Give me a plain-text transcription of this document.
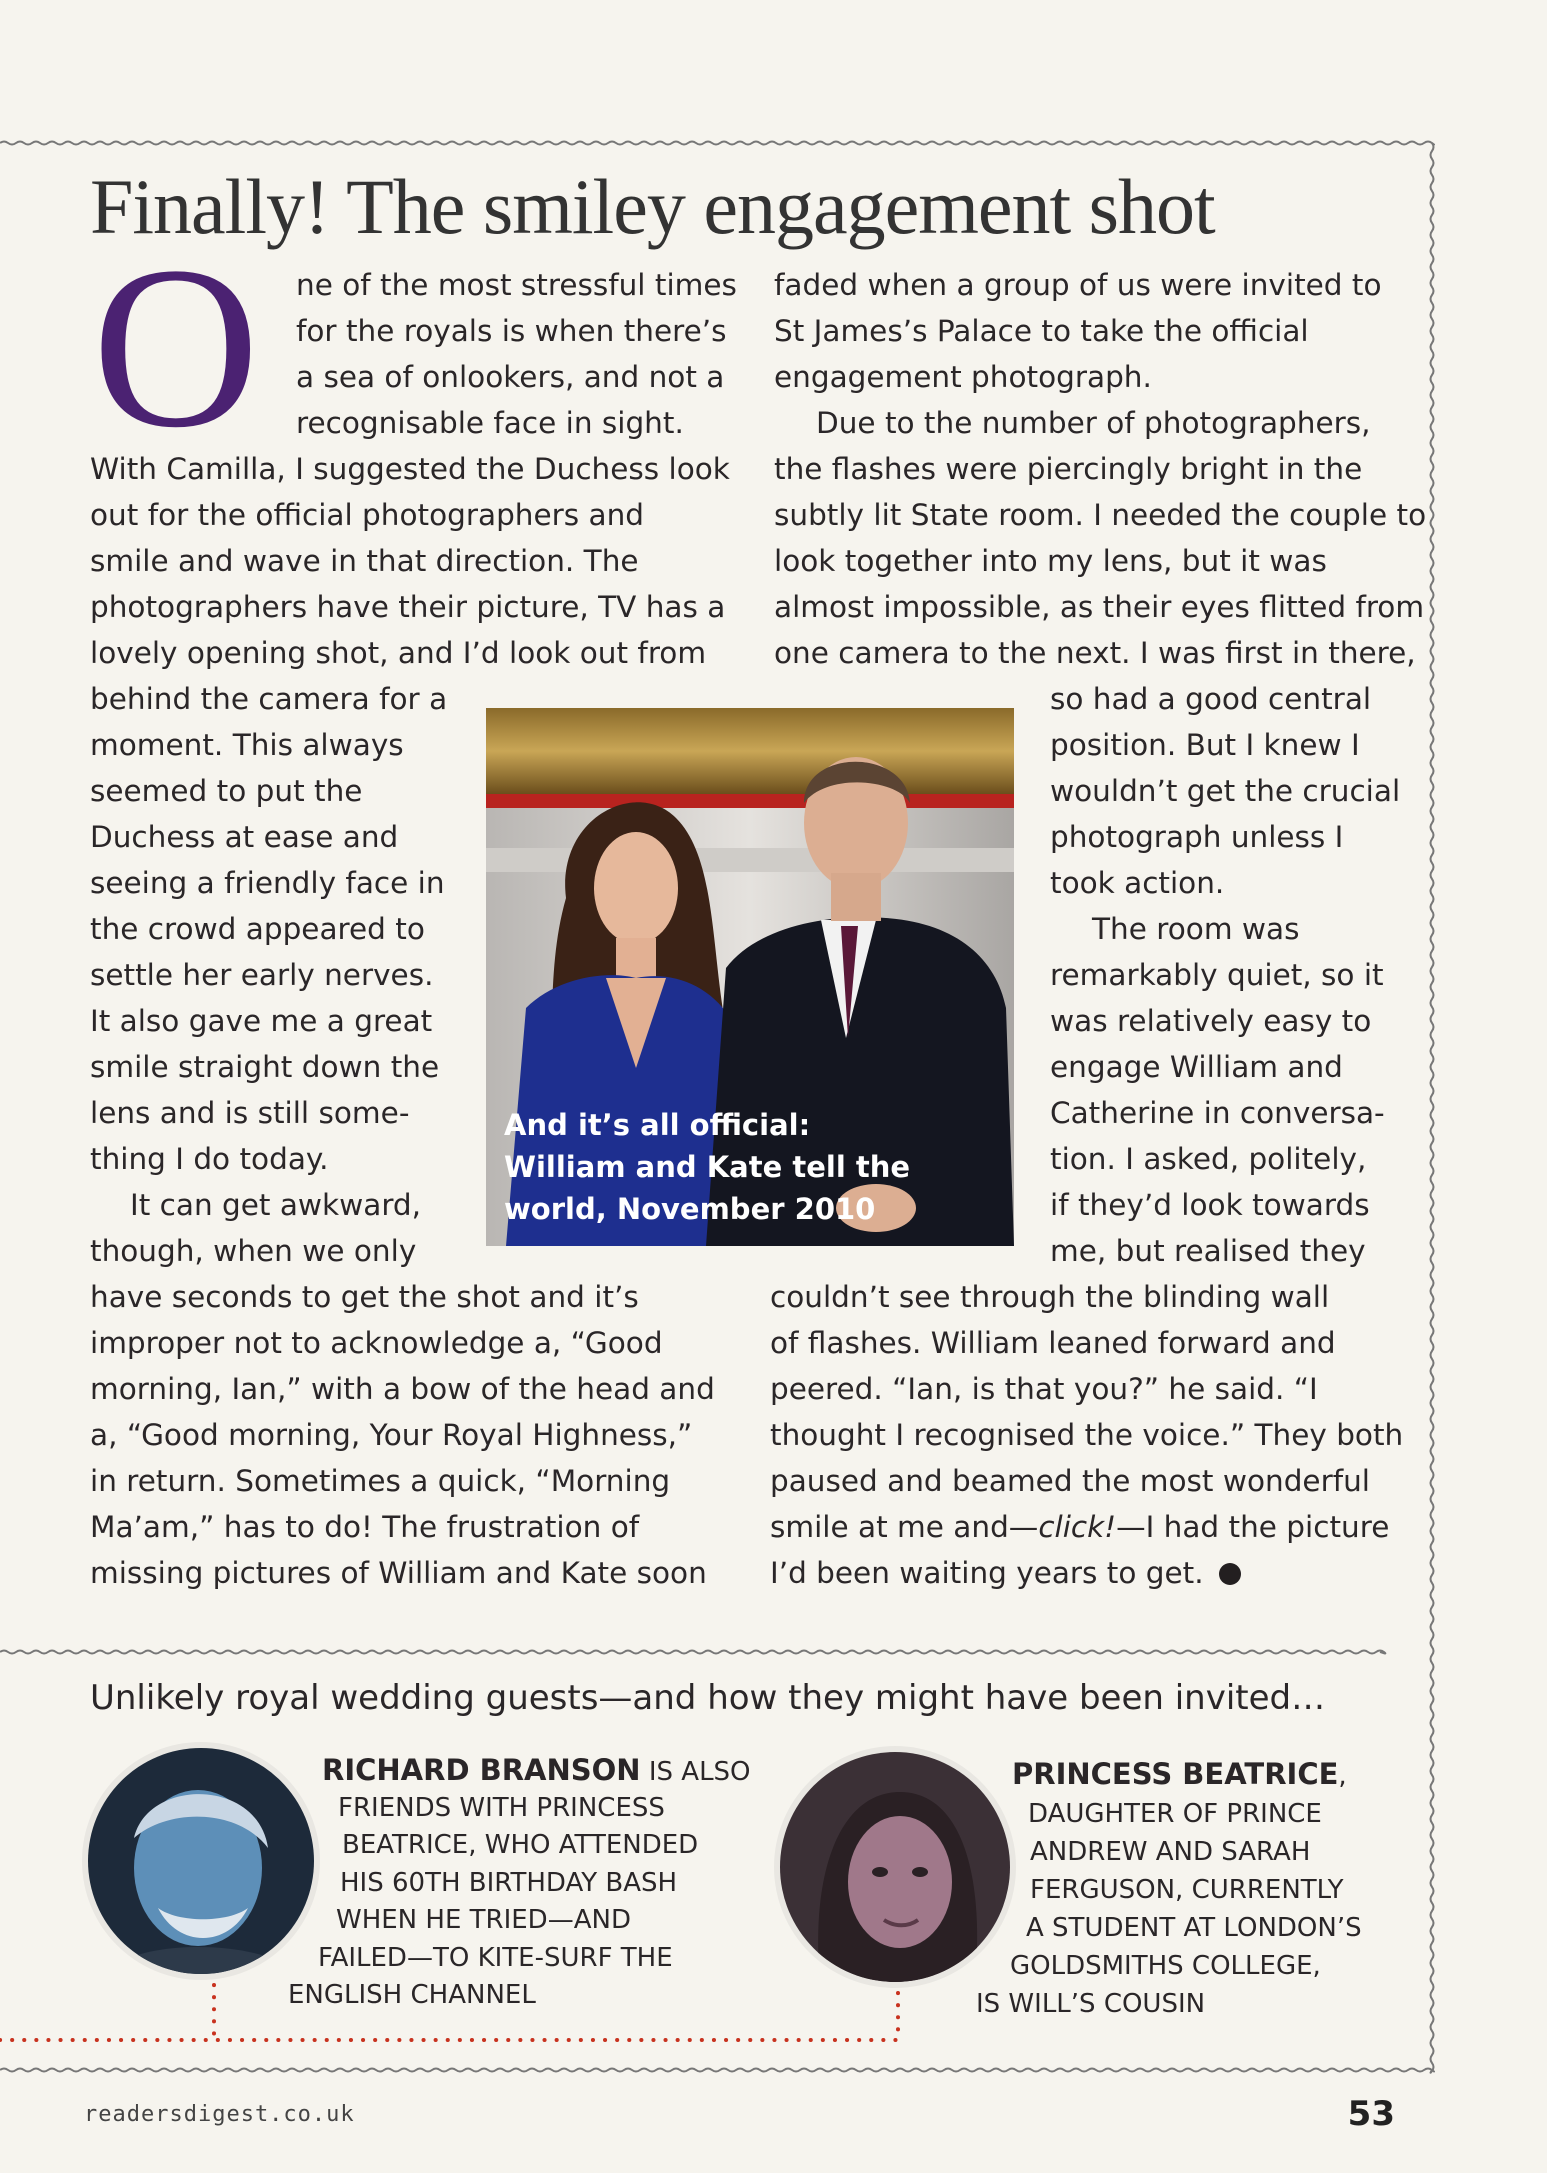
Finally! The smiley engagement shot
O ne of the most stressful times
for the royals is when there’s
a sea of onlookers, and not a
recognisable face in sight.
With Camilla, I suggested the Duchess look
out for the official photographers and
smile and wave in that direction. The
photographers have their picture, TV has a
lovely opening shot, and I’d look out from
behind the camera for a
moment. This always
seemed to put the
Duchess at ease and
seeing a friendly face in
the crowd appeared to
settle her early nerves.
It also gave me a great
smile straight down the
lens and is still some-
thing I do today.
It can get awkward,
though, when we only
have seconds to get the shot and it’s
improper not to acknowledge a, “Good
morning, Ian,” with a bow of the head and
a, “Good morning, Your Royal Highness,”
in return. Sometimes a quick, “Morning
Ma’am,” has to do! The frustration of
missing pictures of William and Kate soon
faded when a group of us were invited to
St James’s Palace to take the official
engagement photograph.
Due to the number of photographers,
the flashes were piercingly bright in the
subtly lit State room. I needed the couple to
look together into my lens, but it was
almost impossible, as their eyes flitted from
one camera to the next. I was first in there,
so had a good central
position. But I knew I
wouldn’t get the crucial
photograph unless I
took action.
The room was
remarkably quiet, so it
was relatively easy to
engage William and
Catherine in conversa-
tion. I asked, politely,
if they’d look towards
me, but realised they
couldn’t see through the blinding wall
of flashes. William leaned forward and
peered. “Ian, is that you?” he said. “I
thought I recognised the voice.” They both
paused and beamed the most wonderful
smile at me and—click!—I had the picture
I’d been waiting years to get.
And it’s all official:
William and Kate tell the
world, November 2010
Unlikely royal wedding guests—and how they might have been invited…
RICHARD BRANSON IS ALSO
FRIENDS WITH PRINCESS
BEATRICE, WHO ATTENDED
HIS 60TH BIRTHDAY BASH
WHEN HE TRIED—AND
FAILED—TO KITE-SURF THE
ENGLISH CHANNEL
PRINCESS BEATRICE,
DAUGHTER OF PRINCE
ANDREW AND SARAH
FERGUSON, CURRENTLY
A STUDENT AT LONDON’S
GOLDSMITHS COLLEGE,
IS WILL’S COUSIN
readersdigest.co.uk	53
